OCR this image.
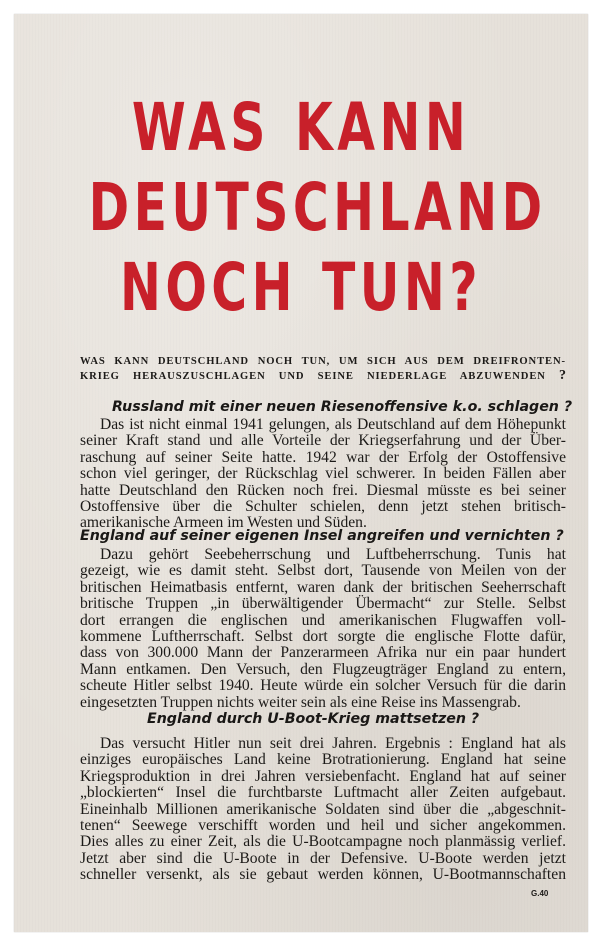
WAS KANN
DEUTSCHLAND
NOCH TUN?
WAS KANN DEUTSCHLAND NOCH TUN, UM SICH AUS DEM DREIFRONTEN-
KRIEG HERAUSZUSCHLAGEN UND SEINE NIEDERLAGE ABZUWENDEN ?
Russland mit einer neuen Riesenoffensive k.o. schlagen ?
Das ist nicht einmal 1941 gelungen, als Deutschland auf dem Höhepunkt
seiner Kraft stand und alle Vorteile der Kriegserfahrung und der Über-
raschung auf seiner Seite hatte. 1942 war der Erfolg der Ostoffensive
schon viel geringer, der Rückschlag viel schwerer. In beiden Fällen aber
hatte Deutschland den Rücken noch frei. Diesmal müsste es bei seiner
Ostoffensive über die Schulter schielen, denn jetzt stehen britisch-
amerikanische Armeen im Westen und Süden.
England auf seiner eigenen Insel angreifen und vernichten ?
Dazu gehört Seebeherrschung und Luftbeherrschung. Tunis hat
gezeigt, wie es damit steht. Selbst dort, Tausende von Meilen von der
britischen Heimatbasis entfernt, waren dank der britischen Seeherrschaft
britische Truppen „in überwältigender Übermacht“ zur Stelle. Selbst
dort errangen die englischen und amerikanischen Flugwaffen voll-
kommene Luftherrschaft. Selbst dort sorgte die englische Flotte dafür,
dass von 300.000 Mann der Panzerarmeen Afrika nur ein paar hundert
Mann entkamen. Den Versuch, den Flugzeugträger England zu entern,
scheute Hitler selbst 1940. Heute würde ein solcher Versuch für die darin
eingesetzten Truppen nichts weiter sein als eine Reise ins Massengrab.
England durch U-Boot-Krieg mattsetzen ?
Das versucht Hitler nun seit drei Jahren. Ergebnis : England hat als
einziges europäisches Land keine Brotrationierung. England hat seine
Kriegsproduktion in drei Jahren versiebenfacht. England hat auf seiner
„blockierten“ Insel die furchtbarste Luftmacht aller Zeiten aufgebaut.
Eineinhalb Millionen amerikanische Soldaten sind über die „abgeschnit-
tenen“ Seewege verschifft worden und heil und sicher angekommen.
Dies alles zu einer Zeit, als die U-Bootcampagne noch planmässig verlief.
Jetzt aber sind die U-Boote in der Defensive. U-Boote werden jetzt
schneller versenkt, als sie gebaut werden können, U-Bootmannschaften
G.40
